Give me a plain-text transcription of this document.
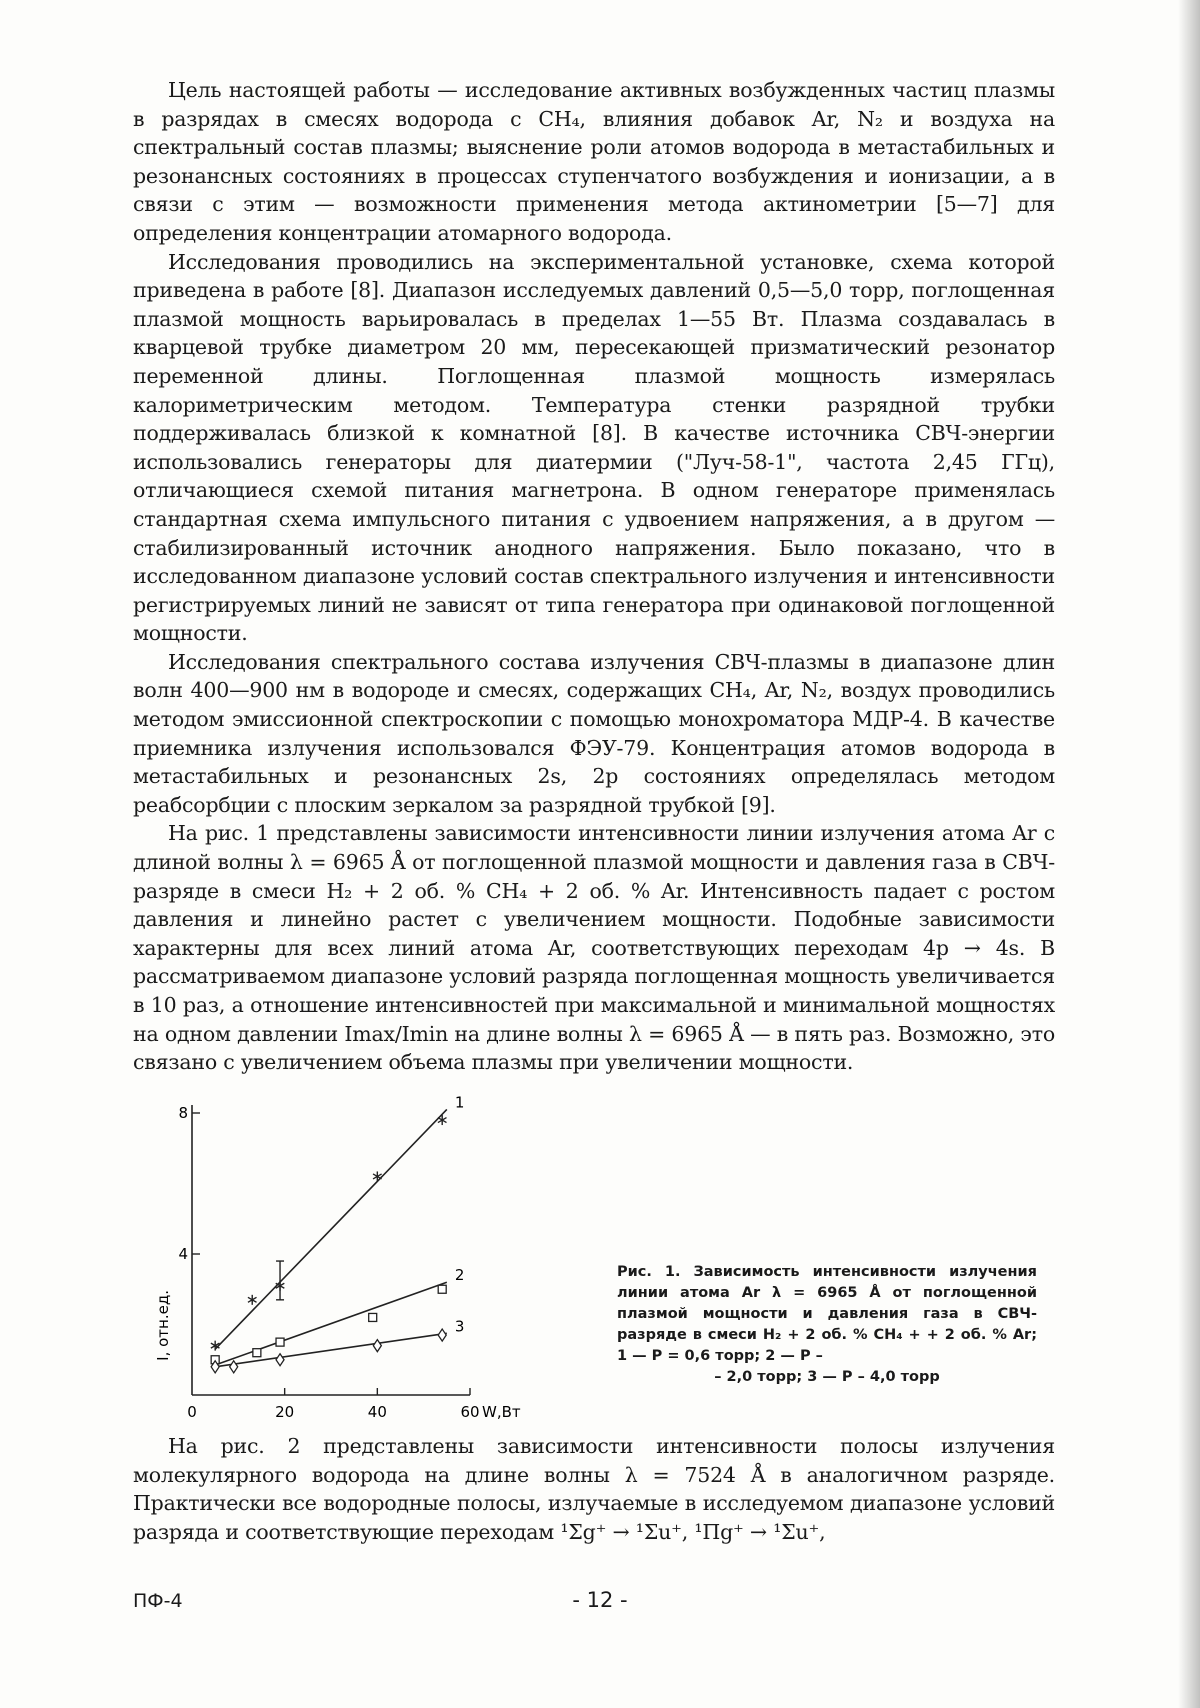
Цель настоящей работы — исследование активных возбужденных частиц плазмы в разрядах в смесях водорода с CH₄, влияния добавок Ar, N₂ и воздуха на спектральный состав плазмы; выяснение роли атомов водорода в метастабильных и резонансных состояниях в процессах ступенчатого возбуждения и ионизации, а в связи с этим — возможности применения метода актинометрии [5—7] для определения концентрации атомарного водорода.

Исследования проводились на экспериментальной установке, схема которой приведена в работе [8]. Диапазон исследуемых давлений 0,5—5,0 торр, поглощенная плазмой мощность варьировалась в пределах 1—55 Вт. Плазма создавалась в кварцевой трубке диаметром 20 мм, пересекающей призматический резонатор переменной длины. Поглощенная плазмой мощность измерялась калориметрическим методом. Температура стенки разрядной трубки поддерживалась близкой к комнатной [8]. В качестве источника СВЧ-энергии использовались генераторы для диатермии ("Луч-58-1", частота 2,45 ГГц), отличающиеся схемой питания магнетрона. В одном генераторе применялась стандартная схема импульсного питания с удвоением напряжения, а в другом — стабилизированный источник анодного напряжения. Было показано, что в исследованном диапазоне условий состав спектрального излучения и интенсивности регистрируемых линий не зависят от типа генератора при одинаковой поглощенной мощности.

Исследования спектрального состава излучения СВЧ-плазмы в диапазоне длин волн 400—900 нм в водороде и смесях, содержащих CH₄, Ar, N₂, воздух проводились методом эмиссионной спектроскопии с помощью монохроматора МДР-4. В качестве приемника излучения использовался ФЭУ-79. Концентрация атомов водорода в метастабильных и резонансных 2s, 2p состояниях определялась методом реабсорбции с плоским зеркалом за разрядной трубкой [9].

На рис. 1 представлены зависимости интенсивности линии излучения атома Ar с длиной волны λ = 6965 Å от поглощенной плазмой мощности и давления газа в СВЧ-разряде в смеси H₂ + 2 об. % CH₄ + 2 об. % Ar. Интенсивность падает с ростом давления и линейно растет с увеличением мощности. Подобные зависимости характерны для всех линий атома Ar, соответствующих переходам 4p → 4s. В рассматриваемом диапазоне условий разряда поглощенная мощность увеличивается в 10 раз, а отношение интенсивностей при максимальной и минимальной мощностях на одном давлении Imax/Imin на длине волны λ = 6965 Å — в пять раз. Возможно, это связано с увеличением объема плазмы при увеличении мощности.

4
8
0	20	40	60 W,Вт
I, отн.ед.
1
2
3
Рис. 1. Зависимость интенсивности излучения линии атома Ar λ = 6965 Å от поглощенной плазмой мощности и давления газа в СВЧ-разряде в смеси H₂ + 2 об. % CH₄ + + 2 об. % Ar; 1 — P = 0,6 торр; 2 — P –
– 2,0 торр; 3 — P – 4,0 торр

На рис. 2 представлены зависимости интенсивности полосы излучения молекулярного водорода на длине волны λ = 7524 Å в аналогичном разряде. Практически все водородные полосы, излучаемые в исследуемом диапазоне условий разряда и соответствующие переходам ¹Σg⁺ → ¹Σu⁺, ¹Πg⁺ → ¹Σu⁺,

ПФ-4	- 12 -
